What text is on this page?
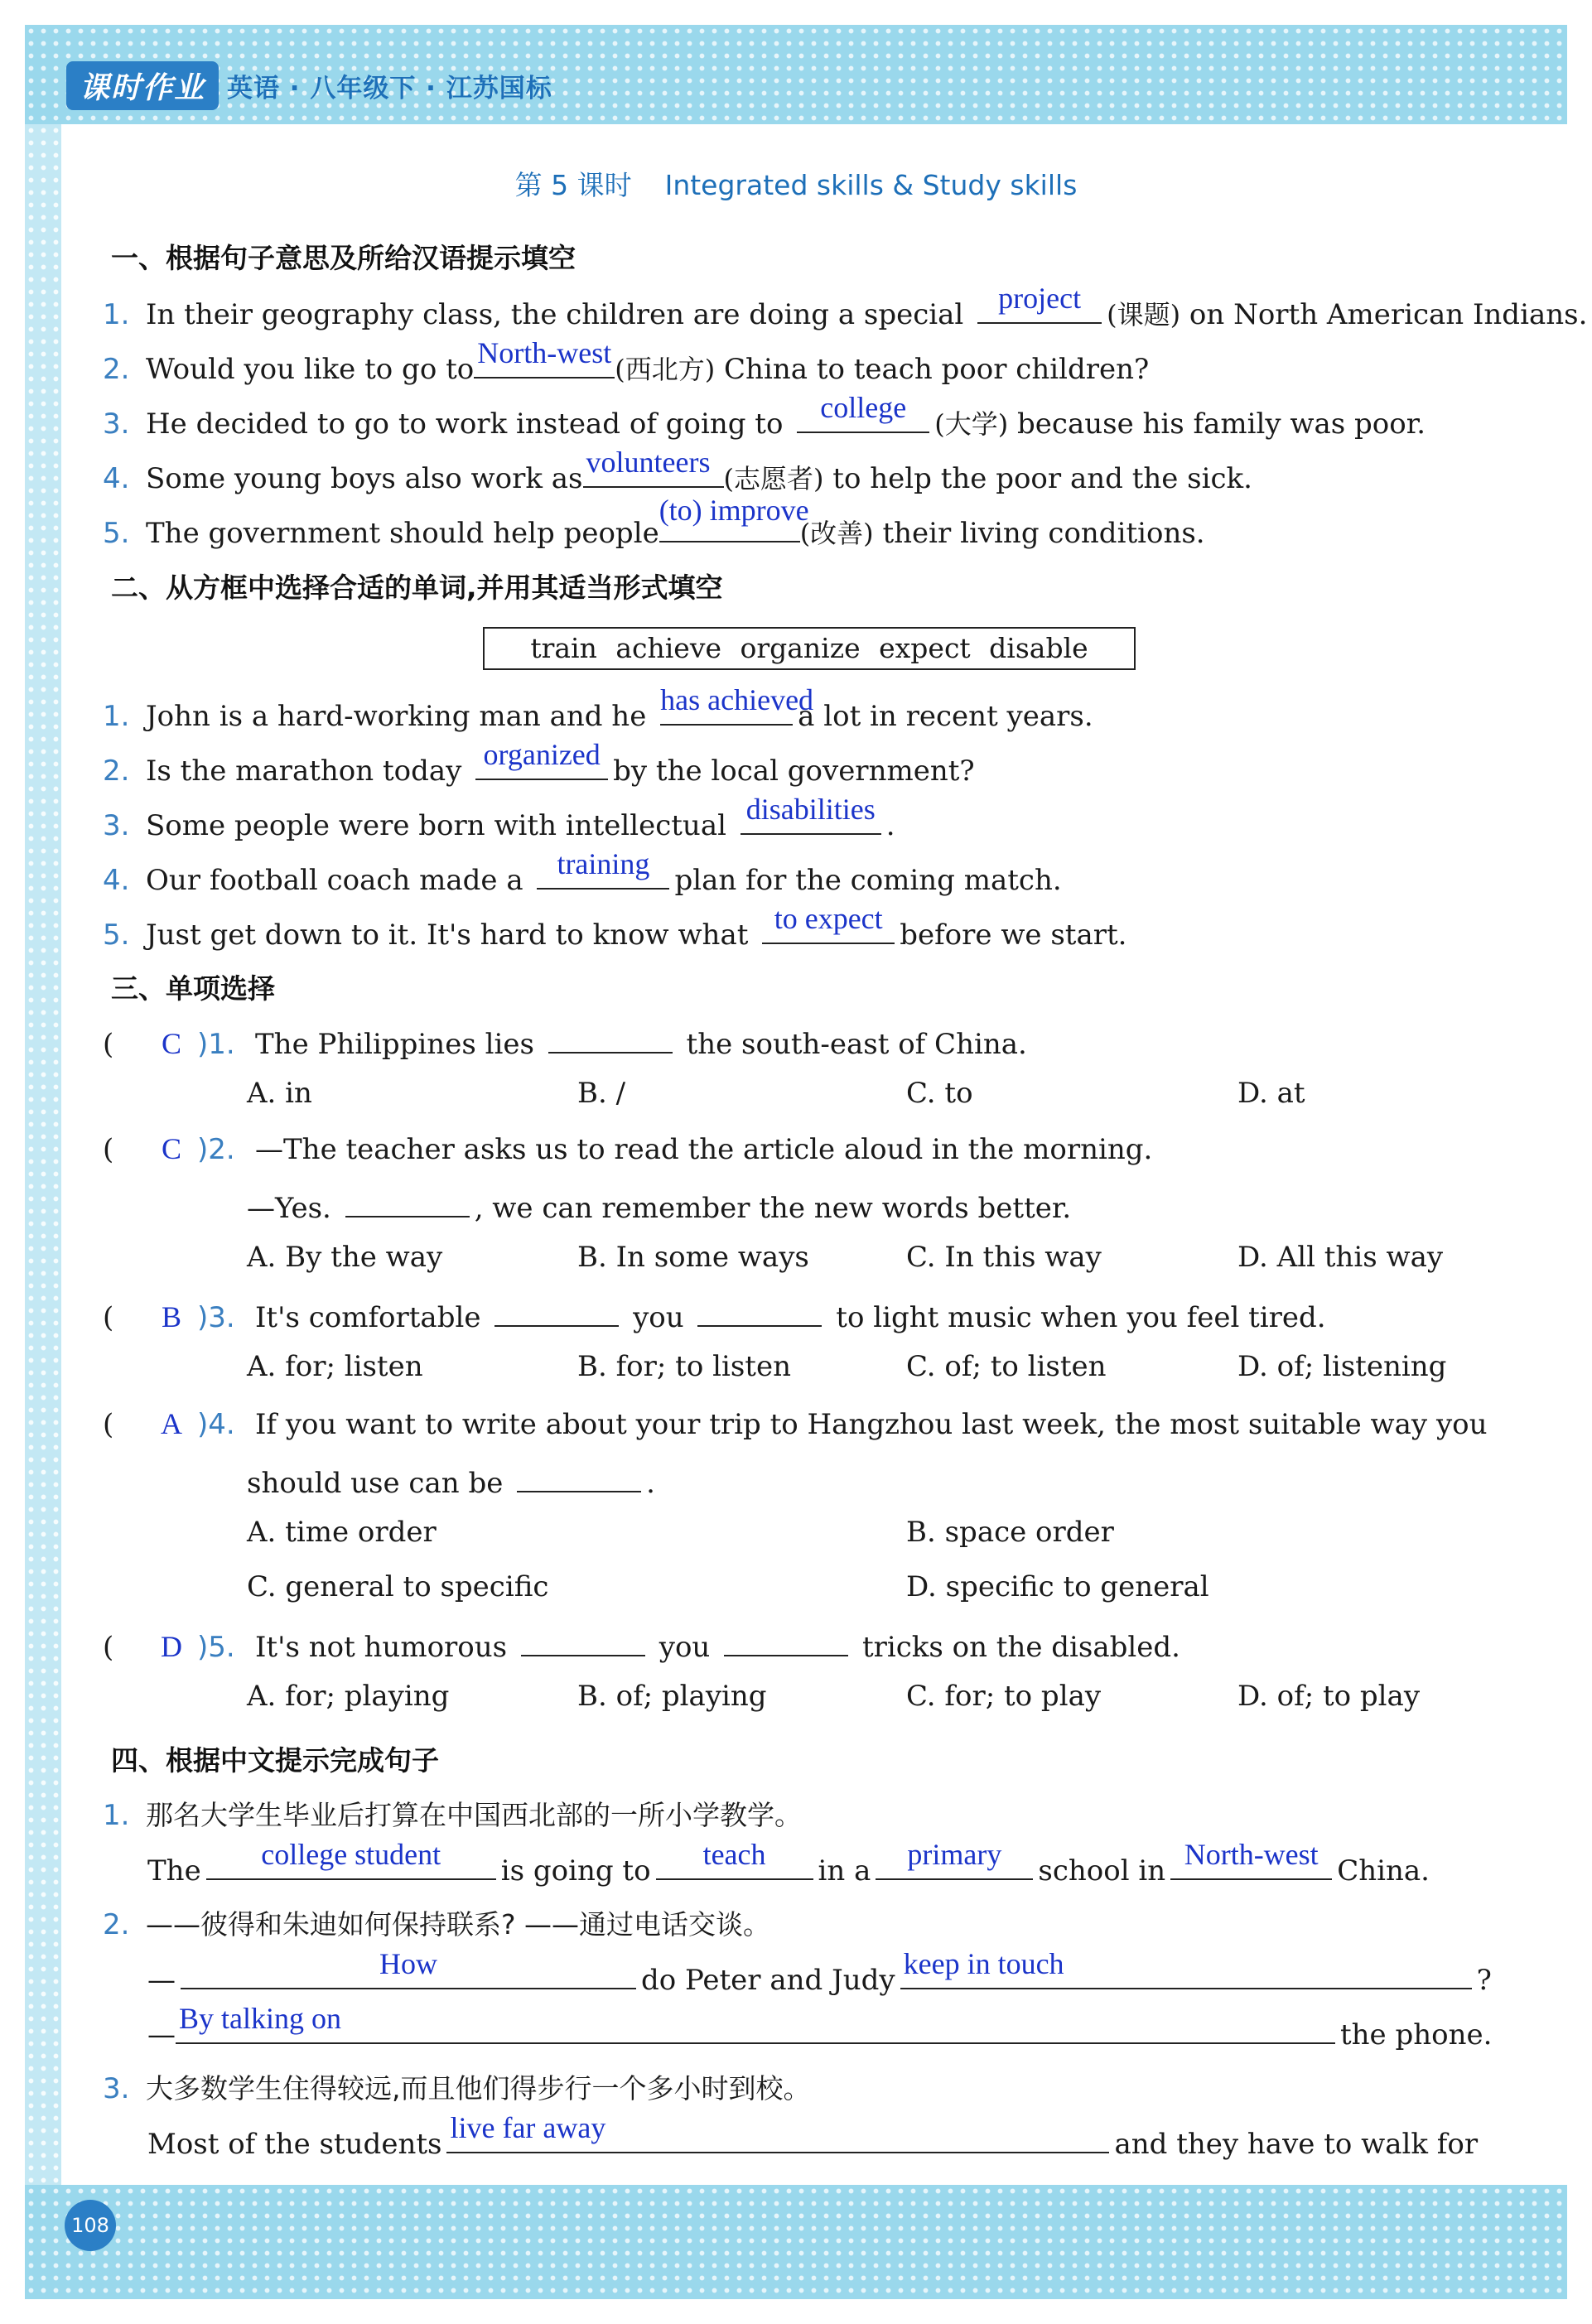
课时作业 英语 · 八年级下 · 江苏国标
第 5 课时 Integrated skills & Study skills
一、根据句子意思及所给汉语提示填空
1. In their geography class, the children are doing a special	project (课题) on North American Indians.
2. Would you like to go to North-west (西北方) China to teach poor children?
3. He decided to go to work instead of going to	college	(大学) because his family was poor.
4. Some young boys also work as volunteers (志愿者) to help the poor and the sick.
5. The government should help people
(to) improve
(改善) their living conditions.
二、从方框中选择合适的单词,并用其适当形式填空
train achieve organize expect disable
1. John is a hard-working man and he has achieved
a lot in recent years.
2. Is the marathon today organized by the local government?
3. Some people were born with intellectual disabilities .
4. Our football coach made a	training plan for the coming match.
5. Just get down to it. It's hard to know what to expect before we start.
三、单项选择
( C )1. The Philippines lies	the south-east of China.
A. in	B. /	C. to	D. at
( C )2. —The teacher asks us to read the article aloud in the morning.
—Yes.	, we can remember the new words better.
A. By the way	B. In some ways	C. In this way	D. All this way
( B )3. It's comfortable	you	to light music when you feel tired.
A. for; listen	B. for; to listen	C. of; to listen	D. of; listening
( A )4. If you want to write about your trip to Hangzhou last week, the most suitable way you
should use can be	.
A. time order	B. space order
C. general to specific	D. specific to general
( D )5. It's not humorous	you	tricks on the disabled.
A. for; playing	B. of; playing	C. for; to play	D. of; to play
四、根据中文提示完成句子
1. 那名大学生毕业后打算在中国西北部的一所小学教学。
The	college student	is going to	teach	in a	primary	school in North-west China.
2. ——彼得和朱迪如何保持联系? ——通过电话交谈。
—	How	do Peter and Judy keep in touch	?
— By talking on	the phone.
3. 大多数学生住得较远,而且他们得步行一个多小时到校。
Most of the students live far away	and they have to walk for
108
